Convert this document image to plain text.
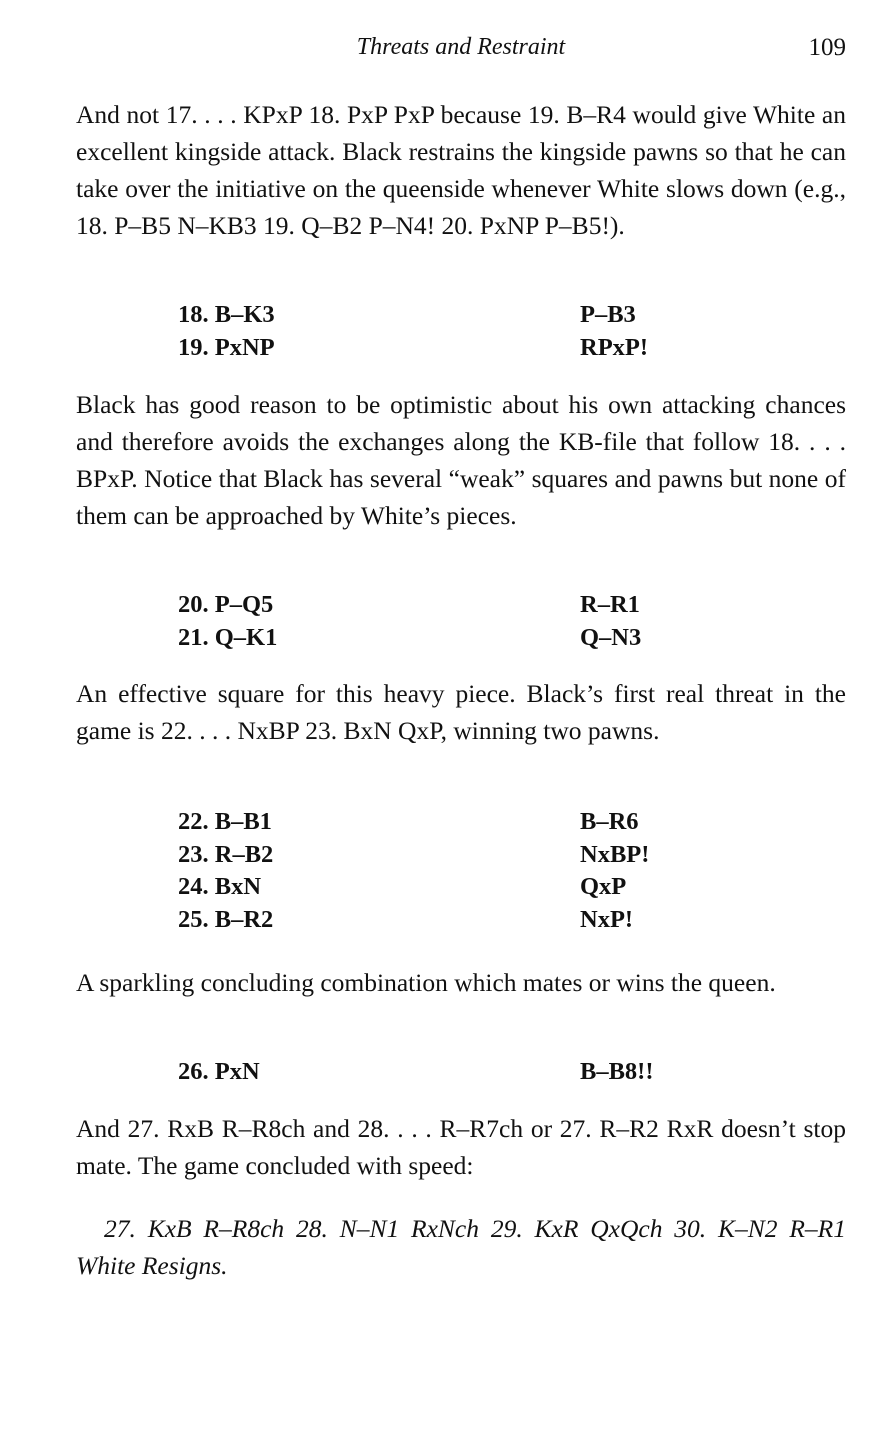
Threats and Restraint	109

And not 17. . . . KPxP 18. PxP PxP because 19. B–R4 would give White an excellent kingside attack. Black restrains the kingside pawns so that he can take over the initiative on the queenside whenever White slows down (e.g., 18. P–B5 N–KB3 19. Q–B2 P–N4! 20. PxNP P–B5!).

18. B–K3	P–B3
19. PxNP	RPxP!

Black has good reason to be optimistic about his own attacking chances and therefore avoids the exchanges along the KB-file that follow 18. . . . BPxP. Notice that Black has several “weak” squares and pawns but none of them can be approached by White’s pieces.

20. P–Q5	R–R1
21. Q–K1	Q–N3

An effective square for this heavy piece. Black’s first real threat in the game is 22. . . . NxBP 23. BxN QxP, winning two pawns.

22. B–B1	B–R6
23. R–B2	NxBP!
24. BxN	QxP
25. B–R2	NxP!

A sparkling concluding combination which mates or wins the queen.

26. PxN	B–B8!!

And 27. RxB R–R8ch and 28. . . . R–R7ch or 27. R–R2 RxR doesn’t stop mate. The game concluded with speed:

27. KxB R–R8ch 28. N–N1 RxNch 29. KxR QxQch 30. K–N2 R–R1 White Resigns.
